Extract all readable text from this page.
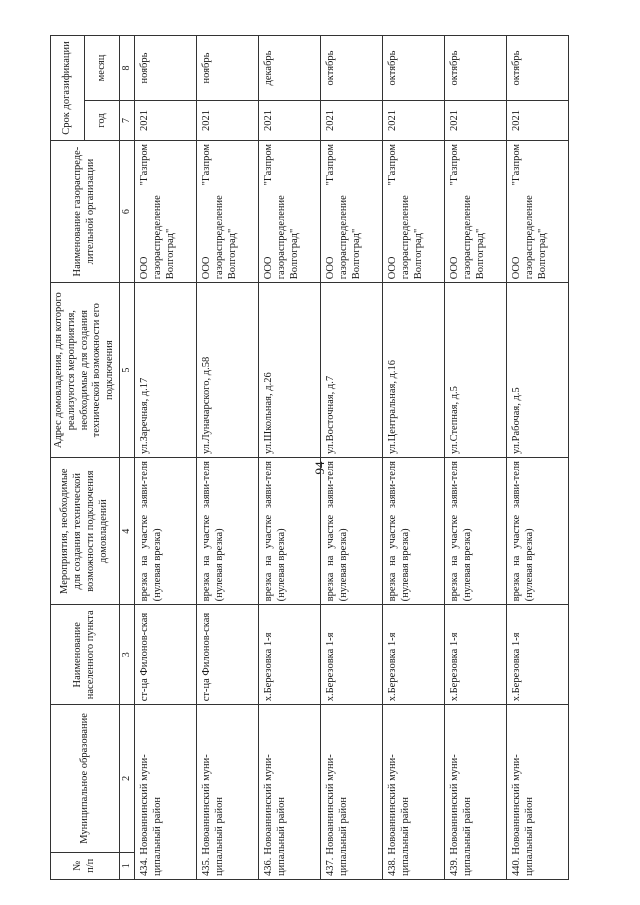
94
№ п/п	Муниципальное образование	Наименование населенного пункта	Мероприятия, необходимые для создания технической возможности подключения домовладений	Адрес домовладения, для которого реализуются мероприятия, необходимые для создания технической возможности его подключения	Наименование газораспреде-лительной организации	Срок догазификации	
						год	месяц
1	2	3	4	5	6	7	8
434.Новоаннинский муни-ципальный район		ст-ца Филонов-ская	врезка на участке заяви-теля (нулевая врезка)	ул.Заречная, д.17	ООО "Газпром газораспределение Волгоград"	2021	ноябрь
435.Новоаннинский муни-ципальный район		ст-ца Филонов-ская	врезка на участке заяви-теля (нулевая врезка)	ул.Луначарского, д.58	ООО "Газпром газораспределение Волгоград"	2021	ноябрь
436.Новоаннинский муни-ципальный район		х.Березовка 1-я	врезка на участке заяви-теля (нулевая врезка)	ул.Школьная, д.26	ООО "Газпром газораспределение Волгоград"	2021	декабрь
437.Новоаннинский муни-ципальный район		х.Березовка 1-я	врезка на участке заяви-теля (нулевая врезка)	ул.Восточная, д.7	ООО "Газпром газораспределение Волгоград"	2021	октябрь
438.Новоаннинский муни-ципальный район		х.Березовка 1-я	врезка на участке заяви-теля (нулевая врезка)	ул.Центральная, д.16	ООО "Газпром газораспределение Волгоград"	2021	октябрь
439.Новоаннинский муни-ципальный район		х.Березовка 1-я	врезка на участке заяви-теля (нулевая врезка)	ул.Степная, д.5	ООО "Газпром газораспределение Волгоград"	2021	октябрь
440.Новоаннинский муни-ципальный район		х.Березовка 1-я	врезка на участке заяви-теля (нулевая врезка)	ул.Рабочая, д.5	ООО "Газпром газораспределение Волгоград"	2021	октябрь
